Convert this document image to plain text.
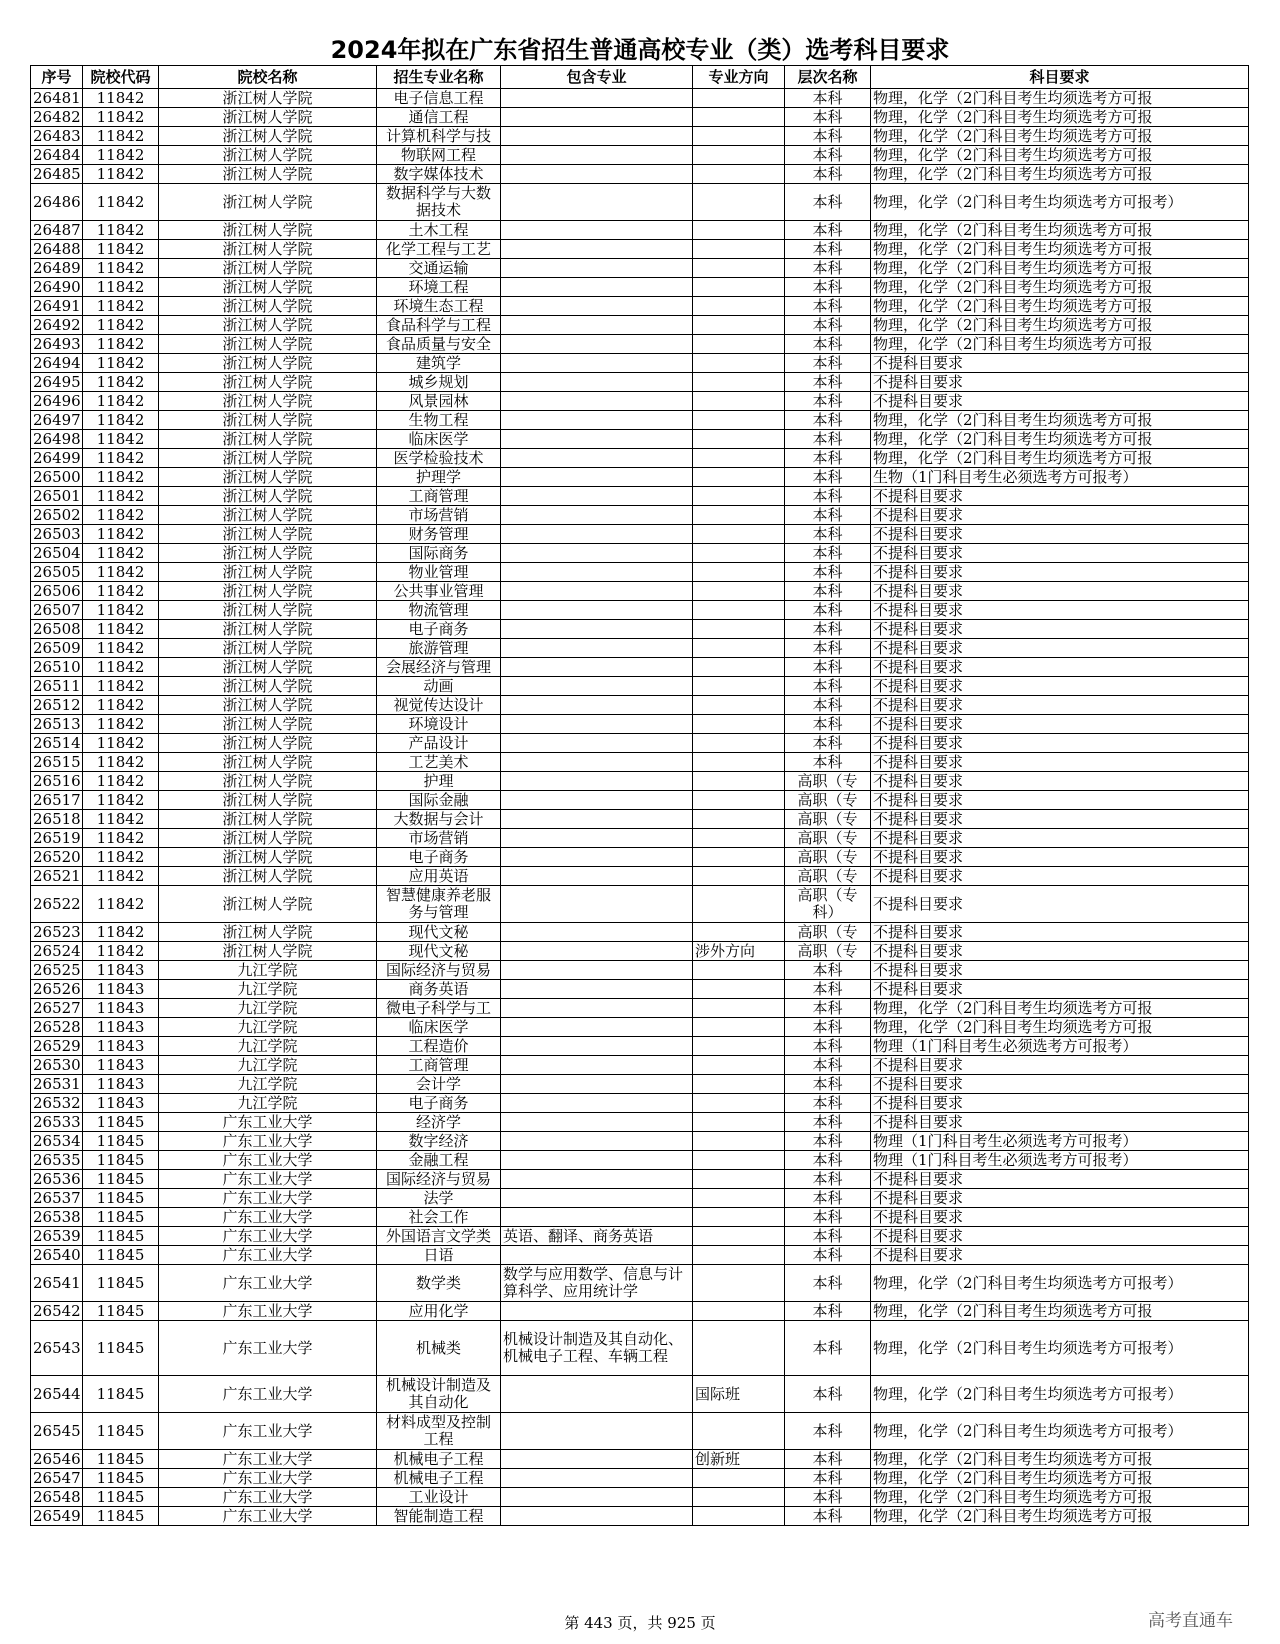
2024年拟在广东省招生普通高校专业（类）选考科目要求
序号	院校代码	院校名称	招生专业名称	包含专业	专业方向	层次名称	科目要求
26481	11842	浙江树人学院	电子信息工程			本科	物理，化学（2门科目考生均须选考方可报
26482	11842	浙江树人学院	通信工程			本科	物理，化学（2门科目考生均须选考方可报
26483	11842	浙江树人学院	计算机科学与技			本科	物理，化学（2门科目考生均须选考方可报
26484	11842	浙江树人学院	物联网工程			本科	物理，化学（2门科目考生均须选考方可报
26485	11842	浙江树人学院	数字媒体技术			本科	物理，化学（2门科目考生均须选考方可报
26486	11842	浙江树人学院	数据科学与大数据技术			本科	物理，化学（2门科目考生均须选考方可报考）
26487	11842	浙江树人学院	土木工程			本科	物理，化学（2门科目考生均须选考方可报
26488	11842	浙江树人学院	化学工程与工艺			本科	物理，化学（2门科目考生均须选考方可报
26489	11842	浙江树人学院	交通运输			本科	物理，化学（2门科目考生均须选考方可报
26490	11842	浙江树人学院	环境工程			本科	物理，化学（2门科目考生均须选考方可报
26491	11842	浙江树人学院	环境生态工程			本科	物理，化学（2门科目考生均须选考方可报
26492	11842	浙江树人学院	食品科学与工程			本科	物理，化学（2门科目考生均须选考方可报
26493	11842	浙江树人学院	食品质量与安全			本科	物理，化学（2门科目考生均须选考方可报
26494	11842	浙江树人学院	建筑学			本科	不提科目要求
26495	11842	浙江树人学院	城乡规划			本科	不提科目要求
26496	11842	浙江树人学院	风景园林			本科	不提科目要求
26497	11842	浙江树人学院	生物工程			本科	物理，化学（2门科目考生均须选考方可报
26498	11842	浙江树人学院	临床医学			本科	物理，化学（2门科目考生均须选考方可报
26499	11842	浙江树人学院	医学检验技术			本科	物理，化学（2门科目考生均须选考方可报
26500	11842	浙江树人学院	护理学			本科	生物（1门科目考生必须选考方可报考）
26501	11842	浙江树人学院	工商管理			本科	不提科目要求
26502	11842	浙江树人学院	市场营销			本科	不提科目要求
26503	11842	浙江树人学院	财务管理			本科	不提科目要求
26504	11842	浙江树人学院	国际商务			本科	不提科目要求
26505	11842	浙江树人学院	物业管理			本科	不提科目要求
26506	11842	浙江树人学院	公共事业管理			本科	不提科目要求
26507	11842	浙江树人学院	物流管理			本科	不提科目要求
26508	11842	浙江树人学院	电子商务			本科	不提科目要求
26509	11842	浙江树人学院	旅游管理			本科	不提科目要求
26510	11842	浙江树人学院	会展经济与管理			本科	不提科目要求
26511	11842	浙江树人学院	动画			本科	不提科目要求
26512	11842	浙江树人学院	视觉传达设计			本科	不提科目要求
26513	11842	浙江树人学院	环境设计			本科	不提科目要求
26514	11842	浙江树人学院	产品设计			本科	不提科目要求
26515	11842	浙江树人学院	工艺美术			本科	不提科目要求
26516	11842	浙江树人学院	护理			高职（专	不提科目要求
26517	11842	浙江树人学院	国际金融			高职（专	不提科目要求
26518	11842	浙江树人学院	大数据与会计			高职（专	不提科目要求
26519	11842	浙江树人学院	市场营销			高职（专	不提科目要求
26520	11842	浙江树人学院	电子商务			高职（专	不提科目要求
26521	11842	浙江树人学院	应用英语			高职（专	不提科目要求
26522	11842	浙江树人学院	智慧健康养老服务与管理			高职（专科）	不提科目要求
26523	11842	浙江树人学院	现代文秘			高职（专	不提科目要求
26524	11842	浙江树人学院	现代文秘		涉外方向	高职（专	不提科目要求
26525	11843	九江学院	国际经济与贸易			本科	不提科目要求
26526	11843	九江学院	商务英语			本科	不提科目要求
26527	11843	九江学院	微电子科学与工			本科	物理，化学（2门科目考生均须选考方可报
26528	11843	九江学院	临床医学			本科	物理，化学（2门科目考生均须选考方可报
26529	11843	九江学院	工程造价			本科	物理（1门科目考生必须选考方可报考）
26530	11843	九江学院	工商管理			本科	不提科目要求
26531	11843	九江学院	会计学			本科	不提科目要求
26532	11843	九江学院	电子商务			本科	不提科目要求
26533	11845	广东工业大学	经济学			本科	不提科目要求
26534	11845	广东工业大学	数字经济			本科	物理（1门科目考生必须选考方可报考）
26535	11845	广东工业大学	金融工程			本科	物理（1门科目考生必须选考方可报考）
26536	11845	广东工业大学	国际经济与贸易			本科	不提科目要求
26537	11845	广东工业大学	法学			本科	不提科目要求
26538	11845	广东工业大学	社会工作			本科	不提科目要求
26539	11845	广东工业大学	外国语言文学类	英语、翻译、商务英语		本科	不提科目要求
26540	11845	广东工业大学	日语			本科	不提科目要求
26541	11845	广东工业大学	数学类	数学与应用数学、信息与计算科学、应用统计学		本科	物理，化学（2门科目考生均须选考方可报考）
26542	11845	广东工业大学	应用化学			本科	物理，化学（2门科目考生均须选考方可报
26543	11845	广东工业大学	机械类	机械设计制造及其自动化、机械电子工程、车辆工程		本科	物理，化学（2门科目考生均须选考方可报考）
26544	11845	广东工业大学	机械设计制造及其自动化		国际班	本科	物理，化学（2门科目考生均须选考方可报考）
26545	11845	广东工业大学	材料成型及控制工程			本科	物理，化学（2门科目考生均须选考方可报考）
26546	11845	广东工业大学	机械电子工程		创新班	本科	物理，化学（2门科目考生均须选考方可报
26547	11845	广东工业大学	机械电子工程			本科	物理，化学（2门科目考生均须选考方可报
26548	11845	广东工业大学	工业设计			本科	物理，化学（2门科目考生均须选考方可报
26549	11845	广东工业大学	智能制造工程			本科	物理，化学（2门科目考生均须选考方可报
第 443 页，共 925 页	高考直通车
